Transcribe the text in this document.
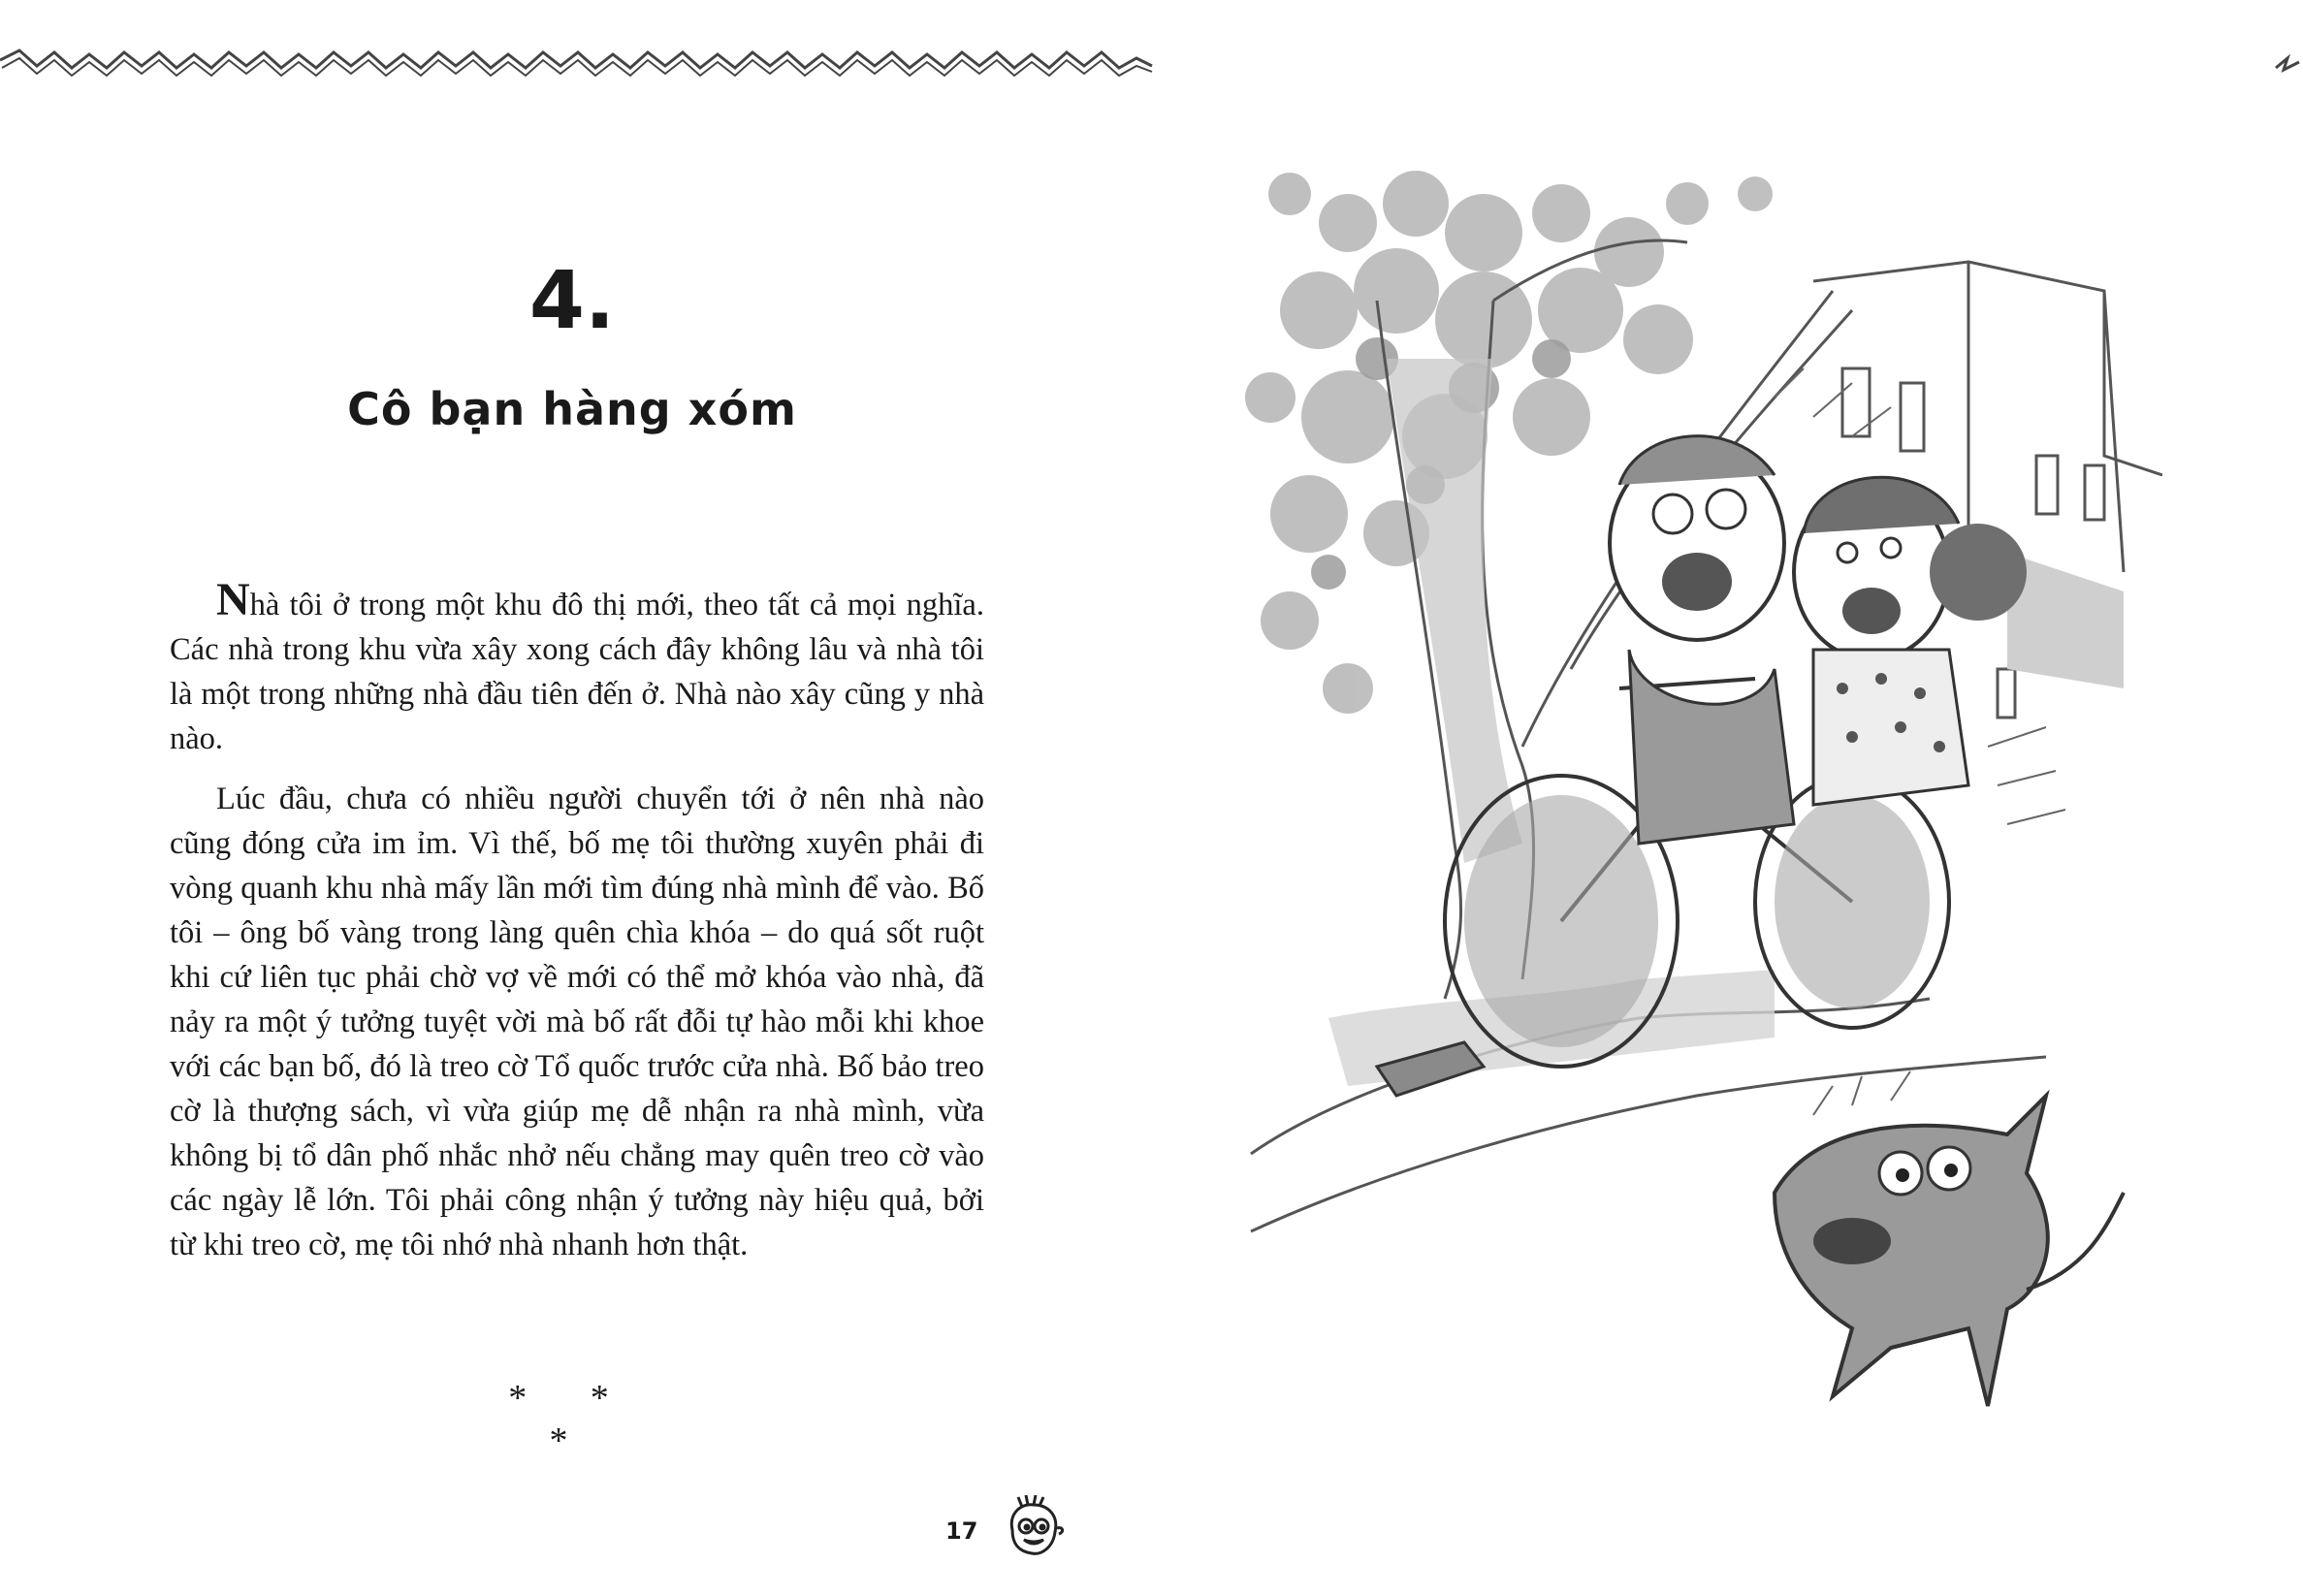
4.
Cô bạn hàng xóm

Nhà tôi ở trong một khu đô thị mới, theo tất cả mọi nghĩa. Các nhà trong khu vừa xây xong cách đây không lâu và nhà tôi là một trong những nhà đầu tiên đến ở. Nhà nào xây cũng y nhà nào.

Lúc đầu, chưa có nhiều người chuyển tới ở nên nhà nào cũng đóng cửa im ỉm. Vì thế, bố mẹ tôi thường xuyên phải đi vòng quanh khu nhà mấy lần mới tìm đúng nhà mình để vào. Bố tôi – ông bố vàng trong làng quên chìa khóa – do quá sốt ruột khi cứ liên tục phải chờ vợ về mới có thể mở khóa vào nhà, đã nảy ra một ý tưởng tuyệt vời mà bố rất đỗi tự hào mỗi khi khoe với các bạn bố, đó là treo cờ Tổ quốc trước cửa nhà. Bố bảo treo cờ là thượng sách, vì vừa giúp mẹ dễ nhận ra nhà mình, vừa không bị tổ dân phố nhắc nhở nếu chẳng may quên treo cờ vào các ngày lễ lớn. Tôi phải công nhận ý tưởng này hiệu quả, bởi từ khi treo cờ, mẹ tôi nhớ nhà nhanh hơn thật.

* * *
17
